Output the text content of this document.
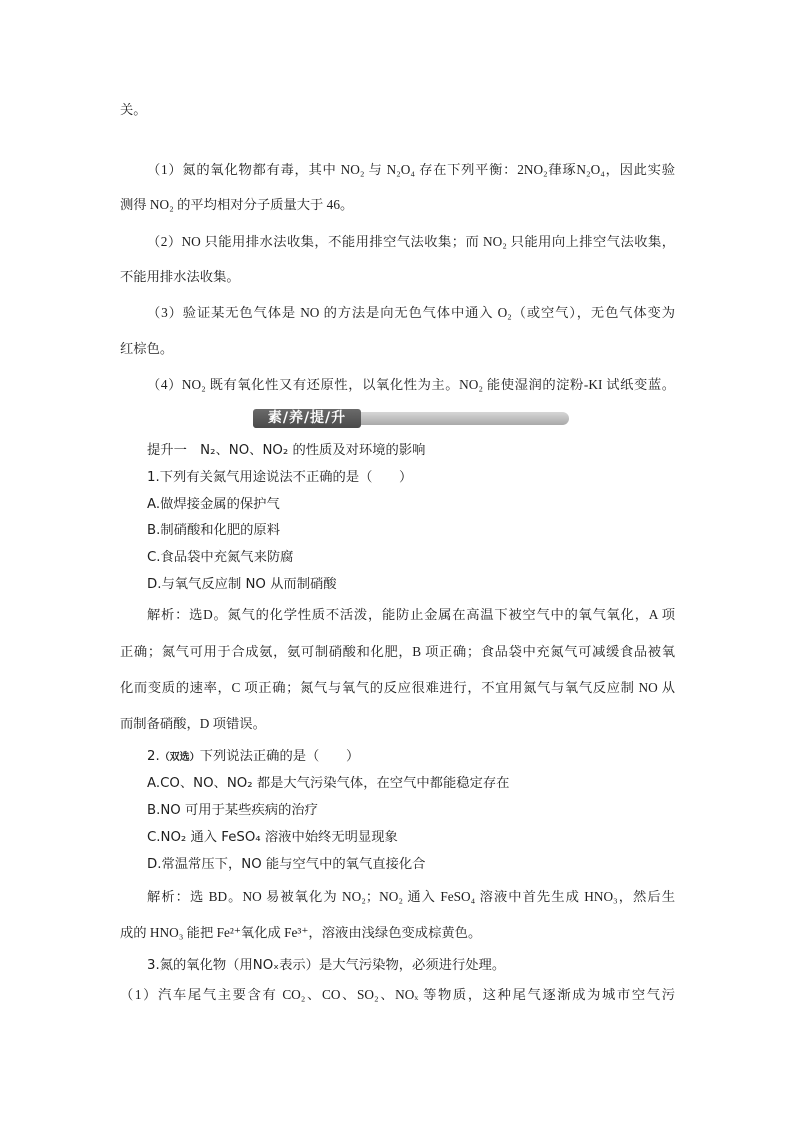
关。
（1）氮的氧化物都有毒，其中 NO₂ 与 N₂O₄ 存在下列平衡：2NO₂葎琢N₂O₄，因此实验
测得 NO₂ 的平均相对分子质量大于 46。
（2）NO 只能用排水法收集，不能用排空气法收集；而 NO₂ 只能用向上排空气法收集，
不能用排水法收集。
（3）验证某无色气体是 NO 的方法是向无色气体中通入 O₂（或空气），无色气体变为
红棕色。
（4）NO₂ 既有氧化性又有还原性，以氧化性为主。NO₂ 能使湿润的淀粉-KI 试纸变蓝。
素/养/提/升
提升一　N₂、NO、NO₂ 的性质及对环境的影响
1.下列有关氮气用途说法不正确的是（　　）
A.做焊接金属的保护气
B.制硝酸和化肥的原料
C.食品袋中充氮气来防腐
D.与氧气反应制 NO 从而制硝酸
解析：选D。氮气的化学性质不活泼，能防止金属在高温下被空气中的氧气氧化，A 项
正确；氮气可用于合成氨，氨可制硝酸和化肥，B 项正确；食品袋中充氮气可减缓食品被氧
化而变质的速率，C 项正确；氮气与氧气的反应很难进行，不宜用氮气与氧气反应制 NO 从
而制备硝酸，D 项错误。
2.（双选）下列说法正确的是（　　）
A.CO、NO、NO₂ 都是大气污染气体，在空气中都能稳定存在
B.NO 可用于某些疾病的治疗
C.NO₂ 通入 FeSO₄ 溶液中始终无明显现象
D.常温常压下，NO 能与空气中的氧气直接化合
解析：选 BD。NO 易被氧化为 NO₂；NO₂ 通入 FeSO₄ 溶液中首先生成 HNO₃，然后生
成的 HNO₃ 能把 Fe²⁺氧化成 Fe³⁺，溶液由浅绿色变成棕黄色。
3.氮的氧化物（用NOₓ表示）是大气污染物，必须进行处理。
（1）汽车尾气主要含有 CO₂、CO、SO₂、NOₓ 等物质，这种尾气逐渐成为城市空气污
